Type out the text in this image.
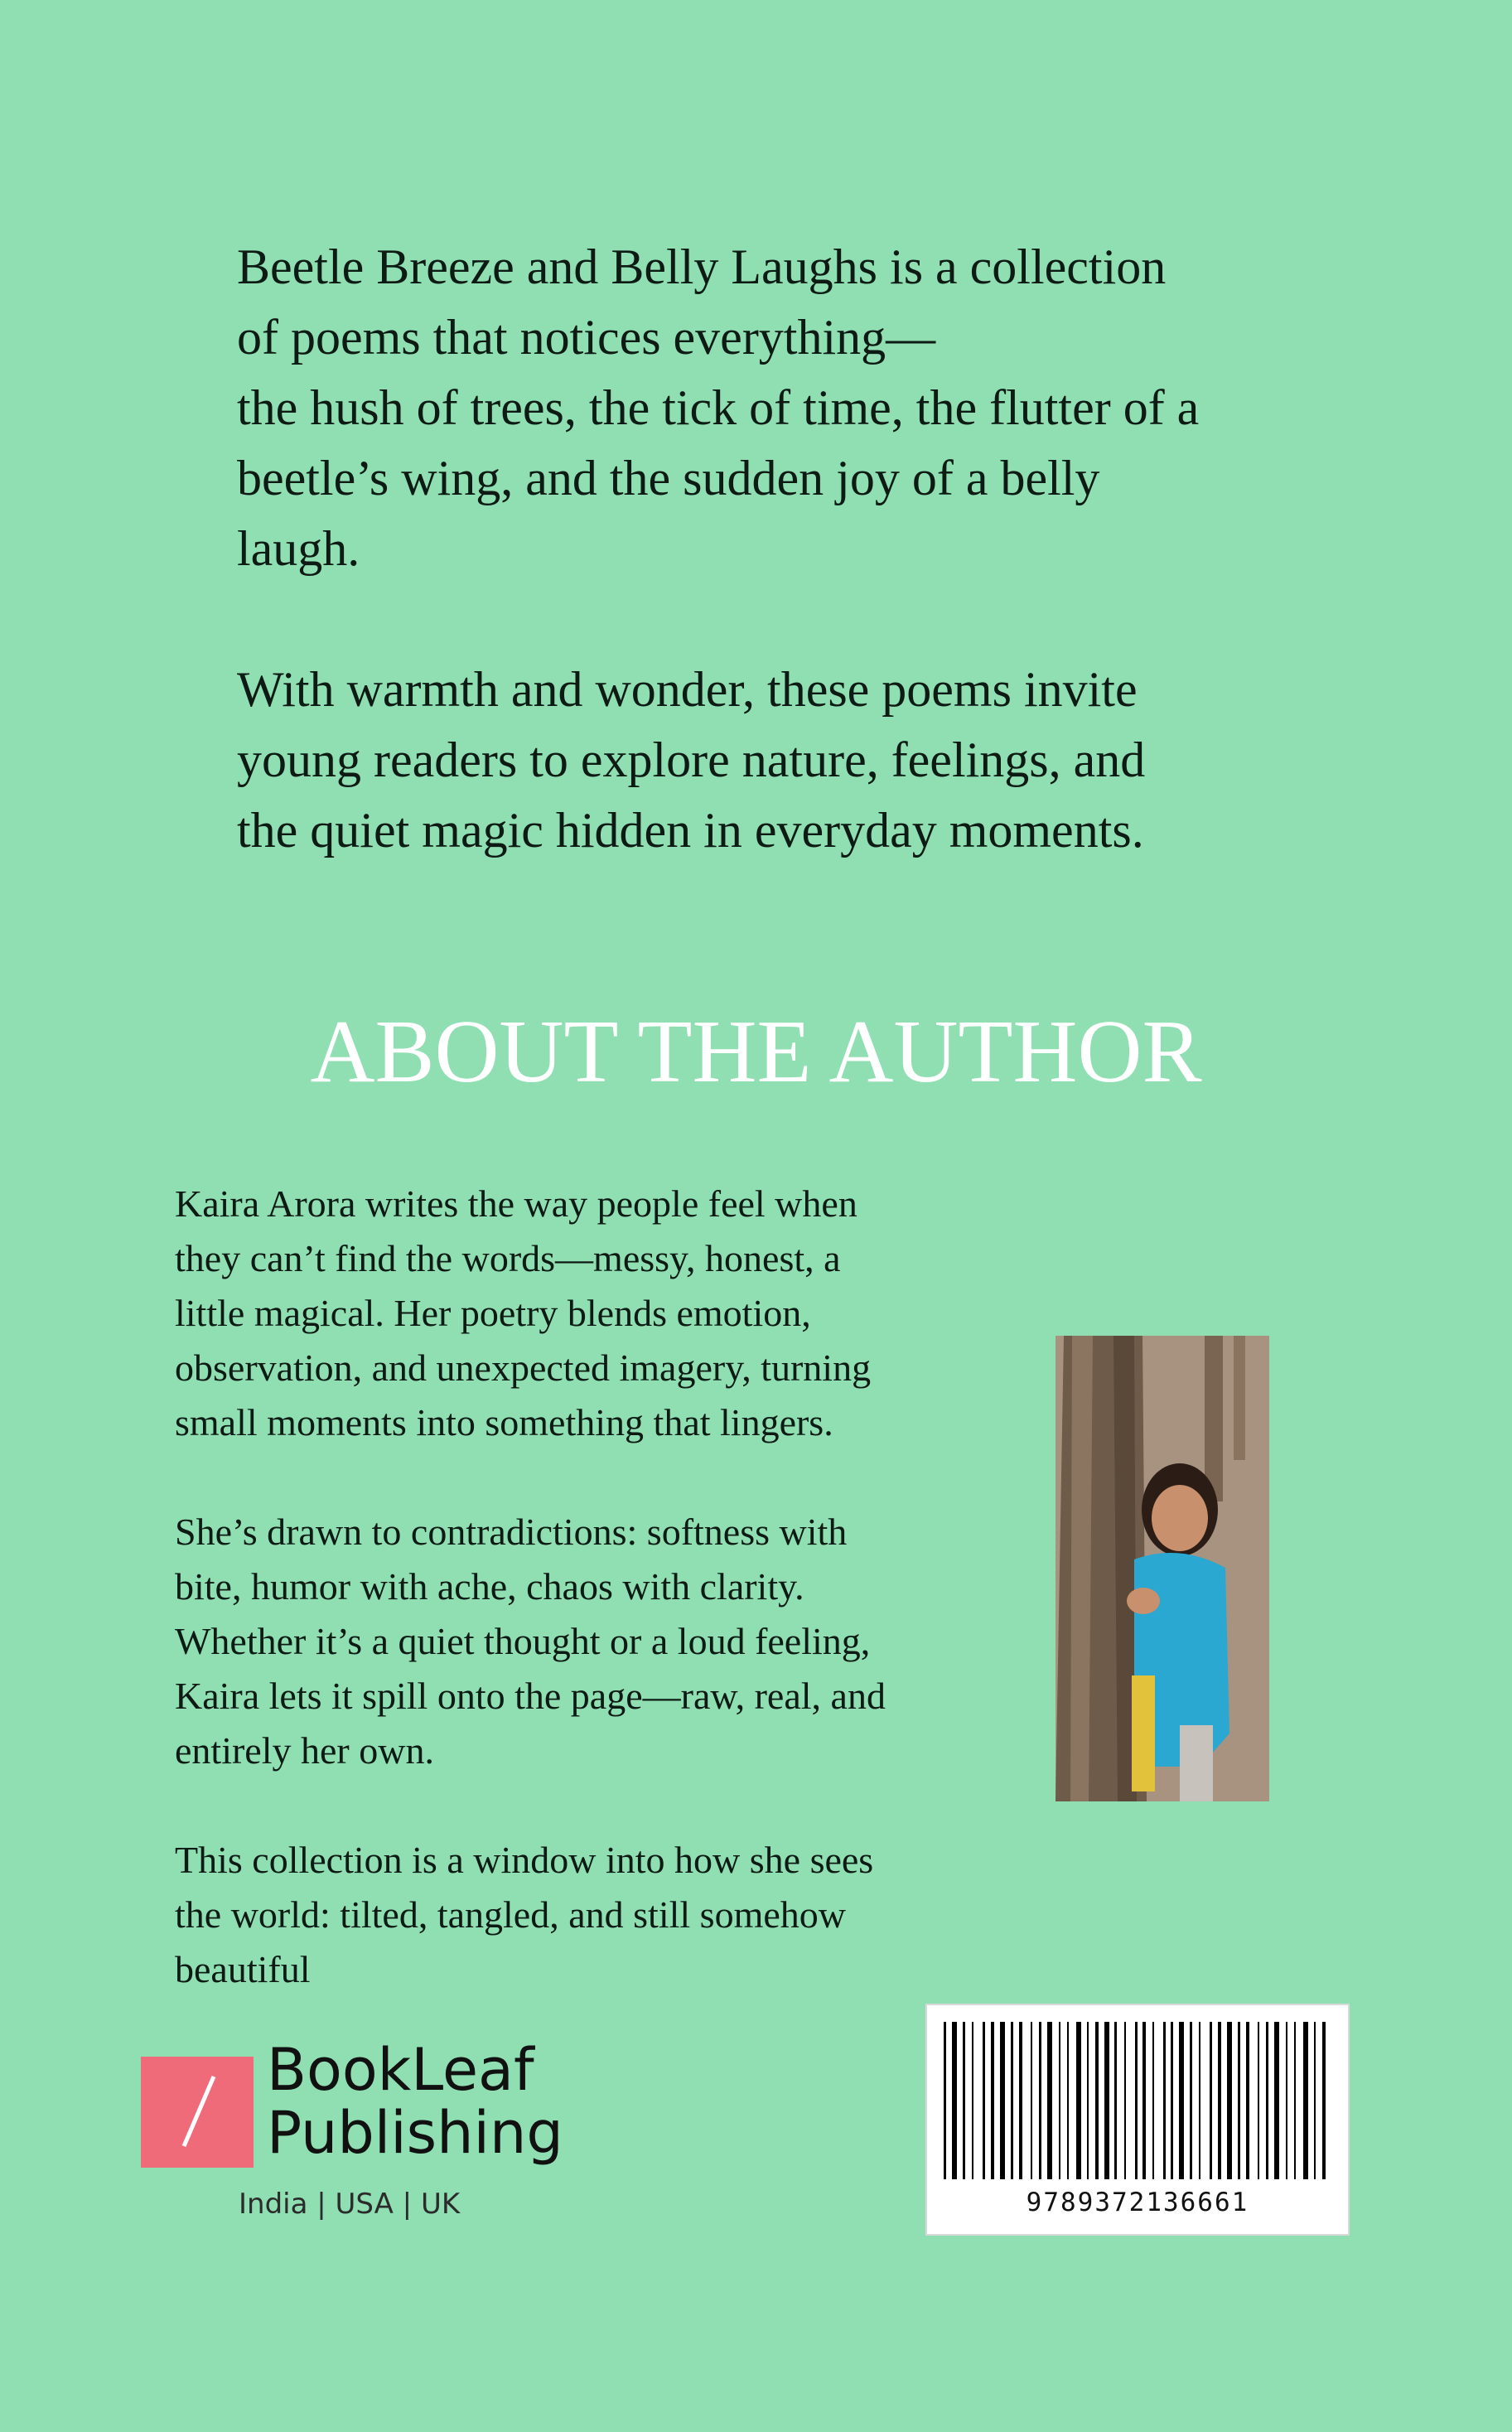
Beetle Breeze and Belly Laughs is a collection
of poems that notices everything—
the hush of trees, the tick of time, the flutter of a
beetle’s wing, and the sudden joy of a belly
laugh.

With warmth and wonder, these poems invite
young readers to explore nature, feelings, and
the quiet magic hidden in everyday moments.

ABOUT THE AUTHOR

Kaira Arora writes the way people feel when
they can’t find the words—messy, honest, a
little magical. Her poetry blends emotion,
observation, and unexpected imagery, turning
small moments into something that lingers.

She’s drawn to contradictions: softness with
bite, humor with ache, chaos with clarity.
Whether it’s a quiet thought or a loud feeling,
Kaira lets it spill onto the page—raw, real, and
entirely her own.

This collection is a window into how she sees
the world: tilted, tangled, and still somehow
beautiful

BookLeaf
Publishing
India | USA | UK	9789372136661
